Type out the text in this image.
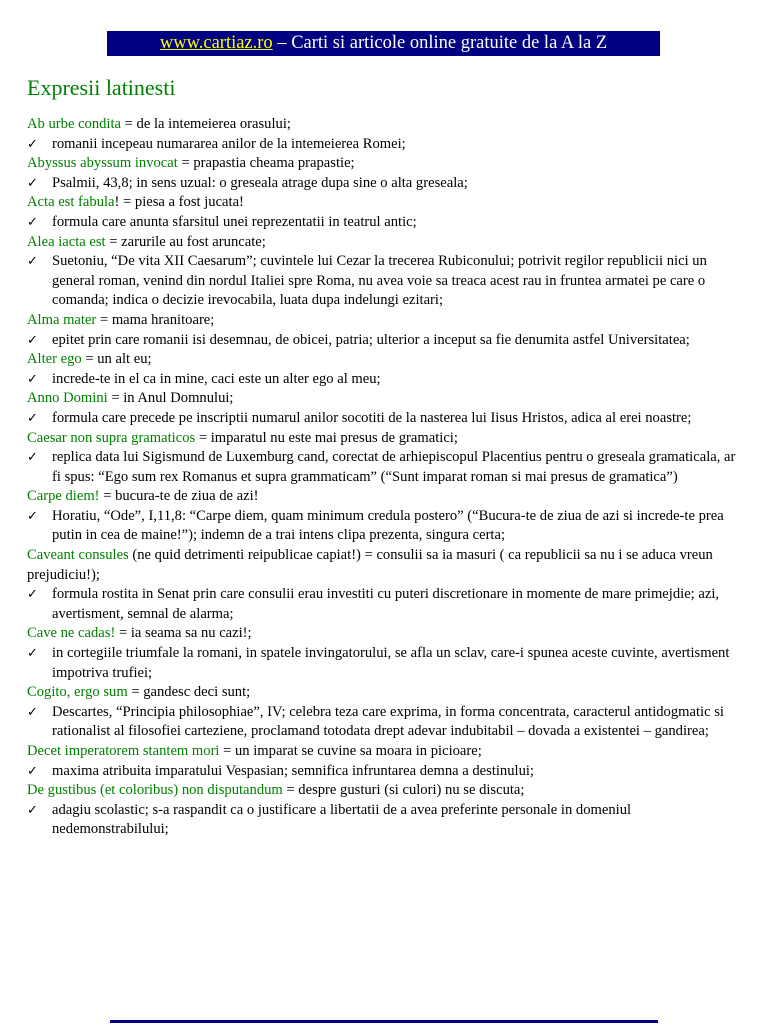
www.cartiaz.ro – Carti si articole online gratuite de la A la Z
Expresii latinesti

Ab urbe condita = de la intemeierea orasului;

✓ romanii incepeau numararea anilor de la intemeierea Romei;

Abyssus abyssum invocat = prapastia cheama prapastie;

✓ Psalmii, 43,8; in sens uzual: o greseala atrage dupa sine o alta greseala;

Acta est fabula! = piesa a fost jucata!

✓ formula care anunta sfarsitul unei reprezentatii in teatrul antic;

Alea iacta est = zarurile au fost aruncate;

✓ Suetoniu, “De vita XII Caesarum”; cuvintele lui Cezar la trecerea Rubiconului; potrivit regilor republicii nici un general roman, venind din nordul Italiei spre Roma, nu avea voie sa treaca acest rau in fruntea armatei pe care o comanda; indica o decizie irevocabila, luata dupa indelungi ezitari;

Alma mater = mama hranitoare;

✓ epitet prin care romanii isi desemnau, de obicei, patria; ulterior a inceput sa fie denumita astfel Universitatea;

Alter ego = un alt eu;

✓ increde-te in el ca in mine, caci este un alter ego al meu;

Anno Domini = in Anul Domnului;

✓ formula care precede pe inscriptii numarul anilor socotiti de la nasterea lui Iisus Hristos, adica al erei noastre;

Caesar non supra gramaticos = imparatul nu este mai presus de gramatici;

✓ replica data lui Sigismund de Luxemburg cand, corectat de arhiepiscopul Placentius pentru o greseala gramaticala, ar fi spus: “Ego sum rex Romanus et supra grammaticam” (“Sunt imparat roman si mai presus de gramatica”)

Carpe diem! = bucura-te de ziua de azi!

✓ Horatiu, “Ode”, I,11,8: “Carpe diem, quam minimum credula postero” (“Bucura-te de ziua de azi si increde-te prea putin in cea de maine!”); indemn de a trai intens clipa prezenta, singura certa;

Caveant consules (ne quid detrimenti reipublicae capiat!) = consulii sa ia masuri ( ca republicii sa nu i se aduca vreun prejudiciu!);

✓ formula rostita in Senat prin care consulii erau investiti cu puteri discretionare in momente de mare primejdie; azi, avertisment, semnal de alarma;

Cave ne cadas! = ia seama sa nu cazi!;

✓ in cortegiile triumfale la romani, in spatele invingatorului, se afla un sclav, care-i spunea aceste cuvinte, avertisment impotriva trufiei;

Cogito, ergo sum = gandesc deci sunt;

✓ Descartes, “Principia philosophiae”, IV; celebra teza care exprima, in forma concentrata, caracterul antidogmatic si rationalist al filosofiei carteziene, proclamand totodata drept adevar indubitabil – dovada a existentei – gandirea;

Decet imperatorem stantem mori = un imparat se cuvine sa moara in picioare;

✓ maxima atribuita imparatului Vespasian; semnifica infruntarea demna a destinului;

De gustibus (et coloribus) non disputandum = despre gusturi (si culori) nu se discuta;

✓ adagiu scolastic; s-a raspandit ca o justificare a libertatii de a avea preferinte personale in domeniul nedemonstrabilului;
